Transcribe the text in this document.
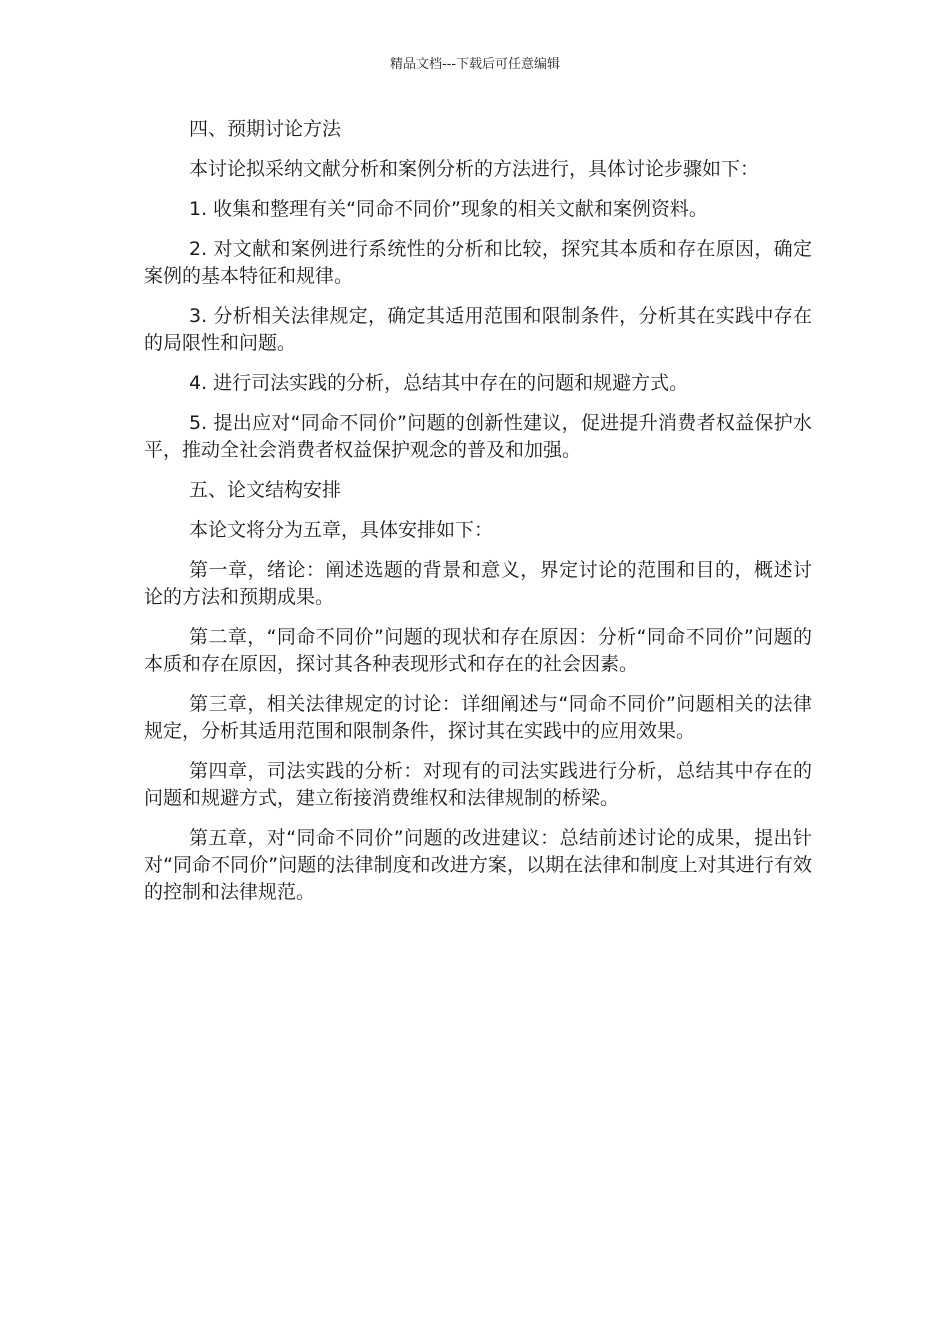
精品文档---下载后可任意编辑

四、预期讨论方法

本讨论拟采纳文献分析和案例分析的方法进行，具体讨论步骤如下：

1. 收集和整理有关“同命不同价”现象的相关文献和案例资料。

2. 对文献和案例进行系统性的分析和比较，探究其本质和存在原因，确定案例的基本特征和规律。

3. 分析相关法律规定，确定其适用范围和限制条件，分析其在实践中存在的局限性和问题。

4. 进行司法实践的分析，总结其中存在的问题和规避方式。

5. 提出应对“同命不同价”问题的创新性建议，促进提升消费者权益保护水平，推动全社会消费者权益保护观念的普及和加强。

五、论文结构安排

本论文将分为五章，具体安排如下：

第一章，绪论：阐述选题的背景和意义，界定讨论的范围和目的，概述讨论的方法和预期成果。

第二章，“同命不同价”问题的现状和存在原因：分析“同命不同价”问题的本质和存在原因，探讨其各种表现形式和存在的社会因素。

第三章，相关法律规定的讨论：详细阐述与“同命不同价”问题相关的法律规定，分析其适用范围和限制条件，探讨其在实践中的应用效果。

第四章，司法实践的分析：对现有的司法实践进行分析，总结其中存在的问题和规避方式，建立衔接消费维权和法律规制的桥梁。

第五章，对“同命不同价”问题的改进建议：总结前述讨论的成果，提出针对“同命不同价”问题的法律制度和改进方案，以期在法律和制度上对其进行有效的控制和法律规范。
